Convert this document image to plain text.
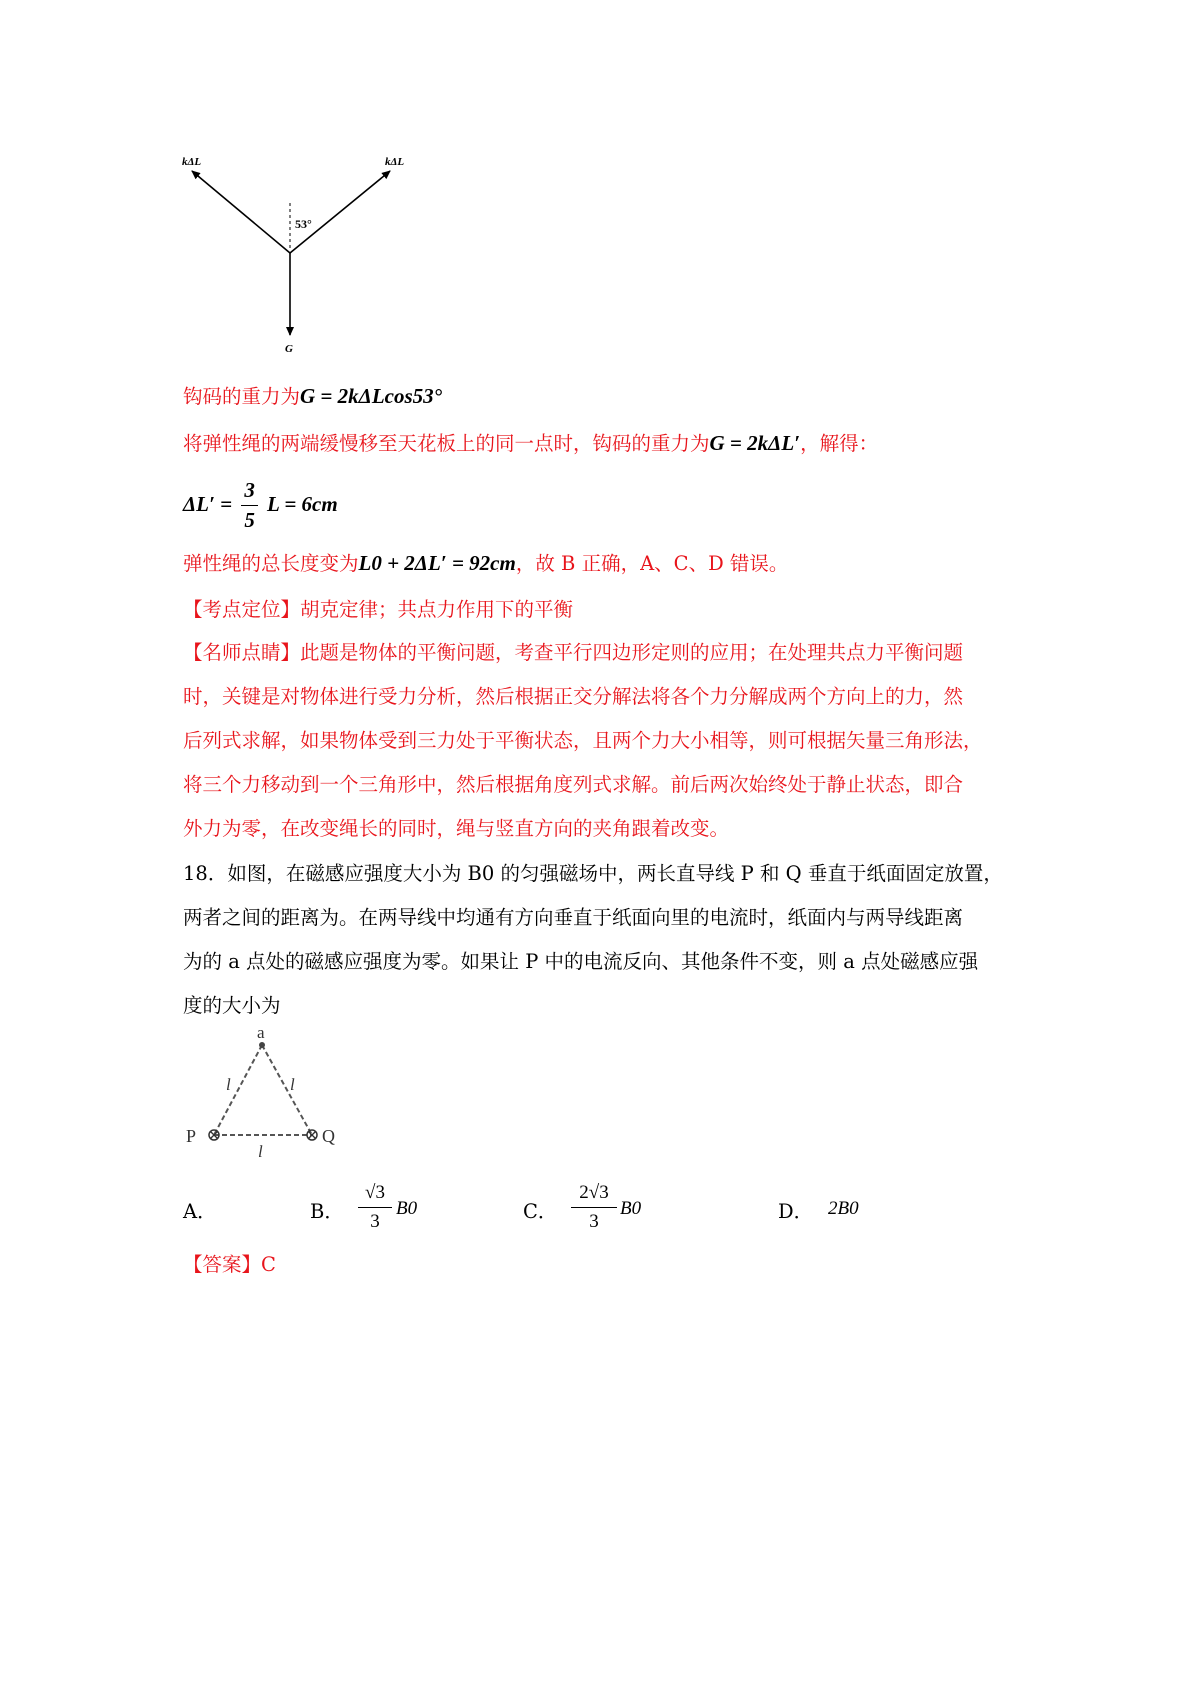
kΔL	kΔL
53°
G
钩码的重力为G = 2kΔLcos53°
将弹性绳的两端缓慢移至天花板上的同一点时，钩码的重力为G = 2kΔL′，解得：
$\Delta L' = \frac{3}{5}$ L = 6cm
弹性绳的总长度变为L0 + 2ΔL′ = 92cm，故 B 正确，A、C、D 错误。
【考点定位】胡克定律；共点力作用下的平衡
【名师点睛】此题是物体的平衡问题，考查平行四边形定则的应用；在处理共点力平衡问题
时，关键是对物体进行受力分析，然后根据正交分解法将各个力分解成两个方向上的力，然
后列式求解，如果物体受到三力处于平衡状态，且两个力大小相等，则可根据矢量三角形法，
将三个力移动到一个三角形中，然后根据角度列式求解。前后两次始终处于静止状态，即合
外力为零，在改变绳长的同时，绳与竖直方向的夹角跟着改变。
18．如图，在磁感应强度大小为 B0 的匀强磁场中，两长直导线 P 和 Q 垂直于纸面固定放置，
两者之间的距离为。在两导线中均通有方向垂直于纸面向里的电流时，纸面内与两导线距离
为的 a 点处的磁感应强度为零。如果让 P 中的电流反向、其他条件不变，则 a 点处磁感应强
度的大小为
a
P	Q
l	l
l
A．	B． $\frac{√3}{3} B0$	C． $\frac{2√3}{3} B0$	D． 2B0
【答案】C
